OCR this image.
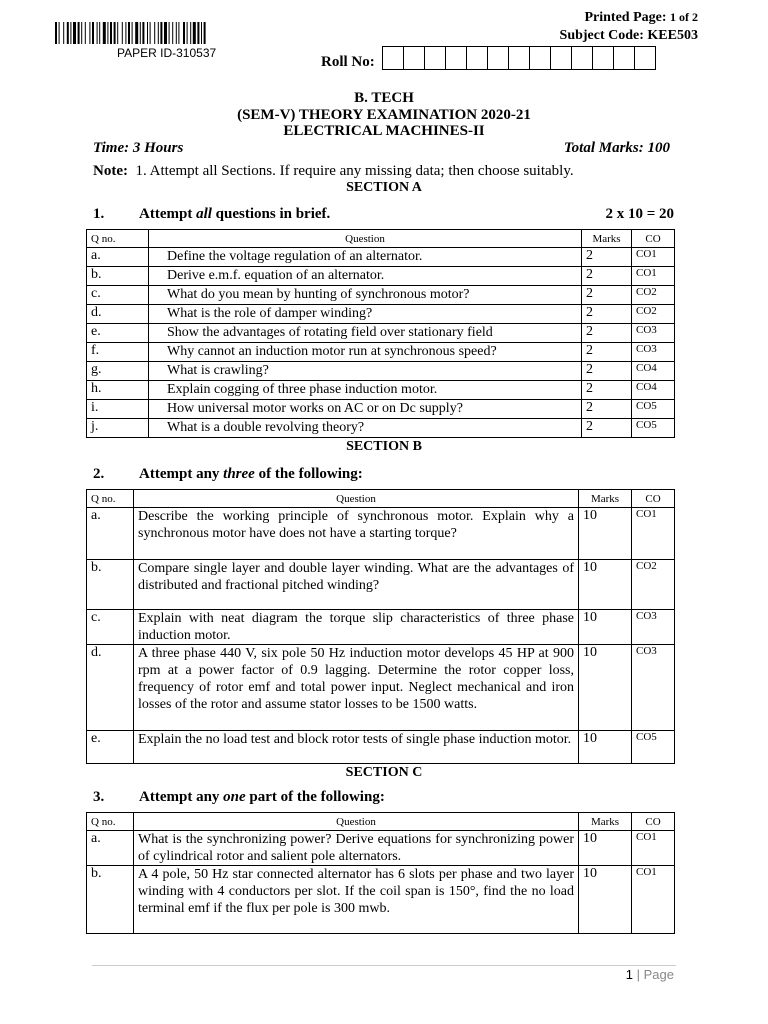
PAPER ID-310537
Printed Page: 1 of 2
Subject Code: KEE503
Roll No:
B. TECH
(SEM-V) THEORY EXAMINATION 2020-21
ELECTRICAL MACHINES-II
Time: 3 Hours	Total Marks: 100
Note: 1. Attempt all Sections. If require any missing data; then choose suitably.
SECTION A
1. Attempt all questions in brief.	2 x 10 = 20
Q no.	Question	Marks	CO
a.	Define the voltage regulation of an alternator.	2	CO1
b.	Derive e.m.f. equation of an alternator.	2	CO1
c.	What do you mean by hunting of synchronous motor?	2	CO2
d.	What is the role of damper winding?	2	CO2
e.	Show the advantages of rotating field over stationary field	2	CO3
f.	Why cannot an induction motor run at synchronous speed?	2	CO3
g.	What is crawling?	2	CO4
h.	Explain cogging of three phase induction motor.	2	CO4
i.	How universal motor works on AC or on Dc supply?	2	CO5
j.	What is a double revolving theory?	2	CO5
SECTION B
2. Attempt any three of the following:
Q no.	Question	Marks	CO
a.	Describe the working principle of synchronous motor. Explain why a synchronous motor have does not have a starting torque?	10	CO1
b.	Compare single layer and double layer winding. What are the advantages of distributed and fractional pitched winding?	10	CO2
c.	Explain with neat diagram the torque slip characteristics of three phase induction motor.	10	CO3
d.	A three phase 440 V, six pole 50 Hz induction motor develops 45 HP at 900 rpm at a power factor of 0.9 lagging. Determine the rotor copper loss, frequency of rotor emf and total power input. Neglect mechanical and iron losses of the rotor and assume stator losses to be 1500 watts.	10	CO3
e.	Explain the no load test and block rotor tests of single phase induction motor.	10	CO5
SECTION C
3. Attempt any one part of the following:
Q no.	Question	Marks	CO
a.	What is the synchronizing power? Derive equations for synchronizing power of cylindrical rotor and salient pole alternators.	10	CO1
b.	A 4 pole, 50 Hz star connected alternator has 6 slots per phase and two layer winding with 4 conductors per slot. If the coil span is 150°, find the no load terminal emf if the flux per pole is 300 mwb.	10	CO1
1 | Page
